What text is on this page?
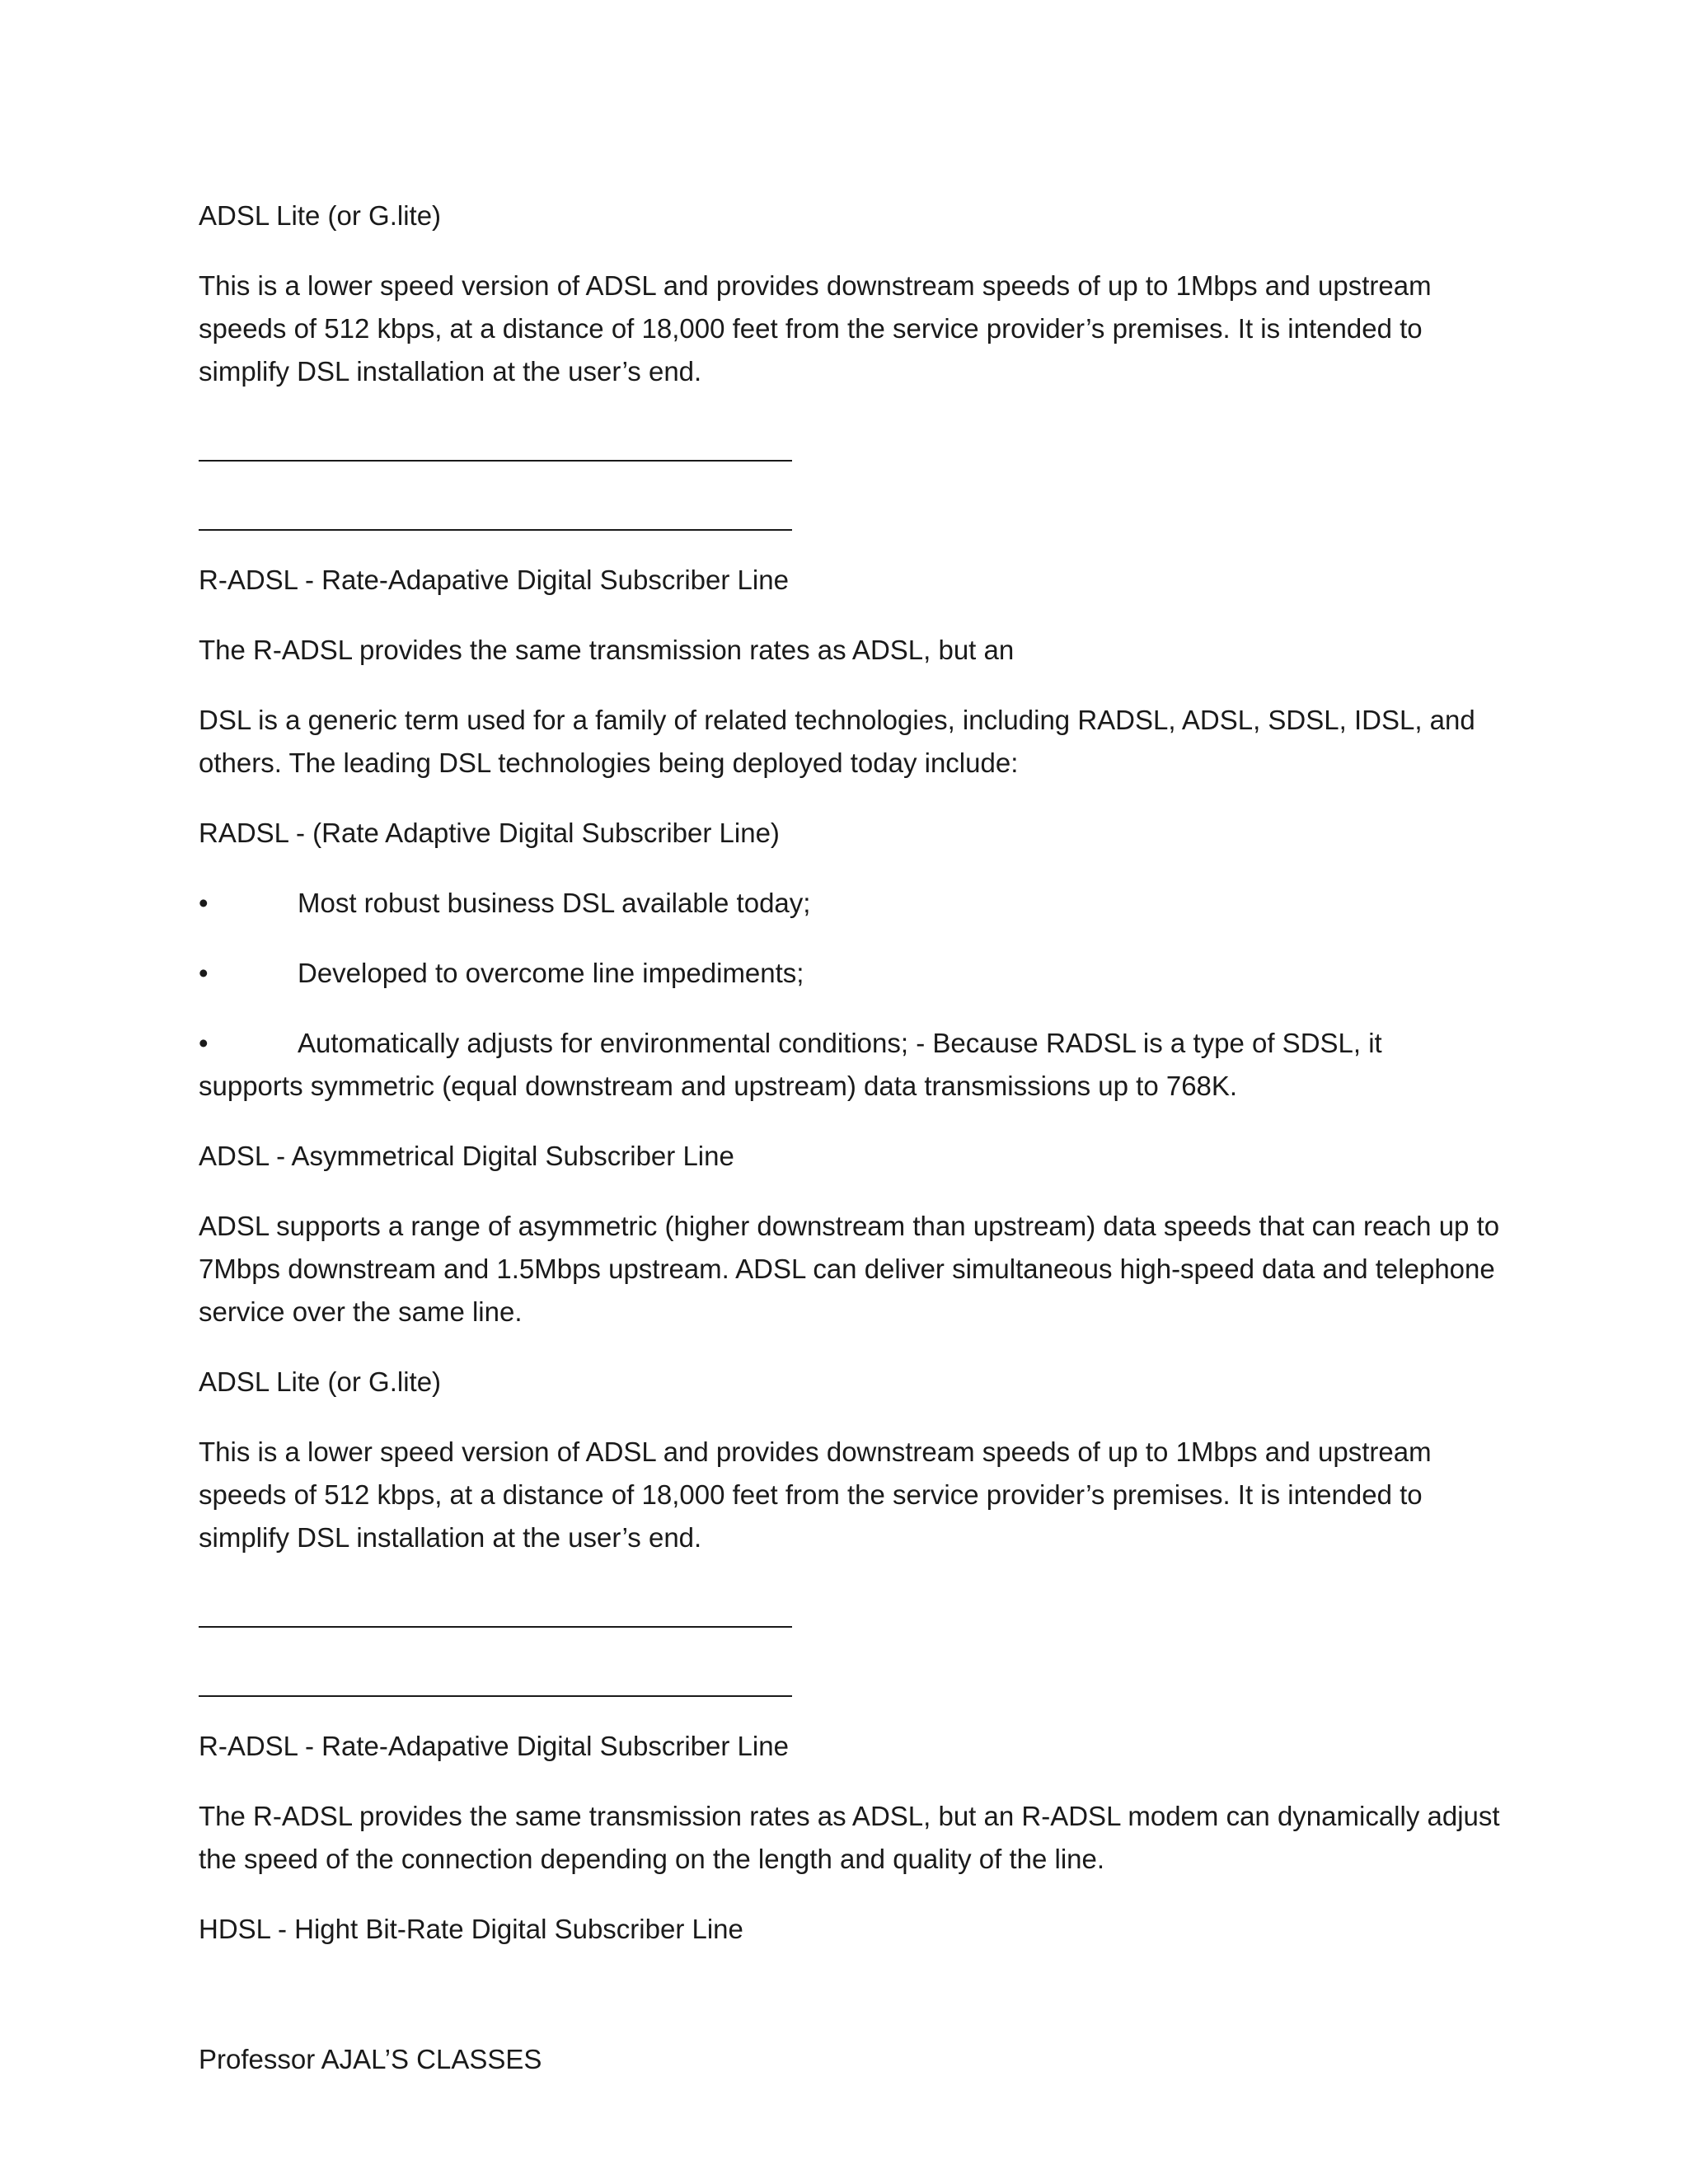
ADSL Lite (or G.lite)

This is a lower speed version of ADSL and provides downstream speeds of up to 1Mbps and upstream speeds of 512 kbps, at a distance of 18,000 feet from the service provider’s premises. It is intended to simplify DSL installation at the user’s end.

R-ADSL - Rate-Adapative Digital Subscriber Line

The R-ADSL provides the same transmission rates as ADSL, but an

DSL is a generic term used for a family of related technologies, including RADSL, ADSL, SDSL, IDSL, and others. The leading DSL technologies being deployed today include:

RADSL - (Rate Adaptive Digital Subscriber Line)

•	Most robust business DSL available today;
•	Developed to overcome line impediments;
•	Automatically adjusts for environmental conditions; - Because RADSL is a type of SDSL, it
supports symmetric (equal downstream and upstream) data transmissions up to 768K.

ADSL - Asymmetrical Digital Subscriber Line

ADSL supports a range of asymmetric (higher downstream than upstream) data speeds that can reach up to 7Mbps downstream and 1.5Mbps upstream. ADSL can deliver simultaneous high-speed data and telephone service over the same line.

ADSL Lite (or G.lite)

This is a lower speed version of ADSL and provides downstream speeds of up to 1Mbps and upstream speeds of 512 kbps, at a distance of 18,000 feet from the service provider’s premises. It is intended to simplify DSL installation at the user’s end.

R-ADSL - Rate-Adapative Digital Subscriber Line

The R-ADSL provides the same transmission rates as ADSL, but an R-ADSL modem can dynamically adjust the speed of the connection depending on the length and quality of the line.

HDSL - Hight Bit-Rate Digital Subscriber Line

Professor AJAL’S CLASSES
